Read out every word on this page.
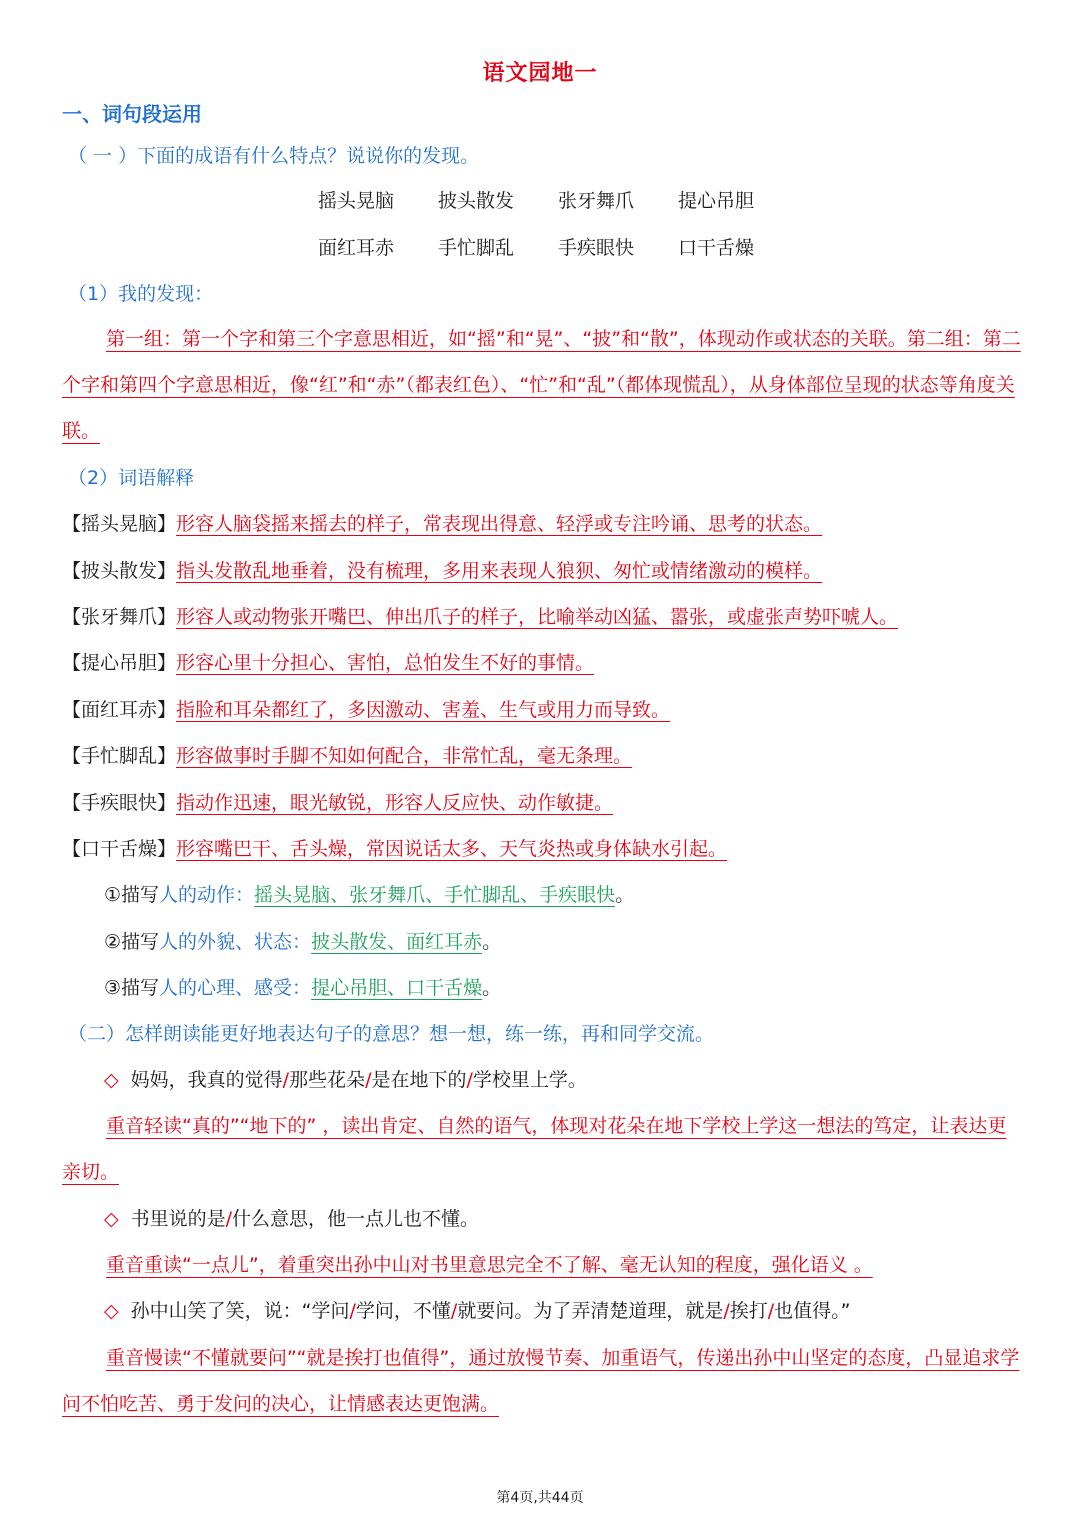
语文园地一
一、词句段运用
（ 一 ）下面的成语有什么特点？说说你的发现。
摇头晃脑 披头散发 张牙舞爪 提心吊胆
面红耳赤 手忙脚乱 手疾眼快 口干舌燥
（1）我的发现：
第一组：第一个字和第三个字意思相近，如“摇”和“晃”、“披”和“散”，体现动作或状态的关联。第二组：第二个字和第四个字意思相近，像“红”和“赤”（都表红色）、“忙”和“乱”（都体现慌乱），从身体部位呈现的状态等角度关联。
（2）词语解释
【摇头晃脑】形容人脑袋摇来摇去的样子，常表现出得意、轻浮或专注吟诵、思考的状态。
【披头散发】指头发散乱地垂着，没有梳理，多用来表现人狼狈、匆忙或情绪激动的模样。
【张牙舞爪】形容人或动物张开嘴巴、伸出爪子的样子，比喻举动凶猛、嚣张，或虚张声势吓唬人。
【提心吊胆】形容心里十分担心、害怕，总怕发生不好的事情。
【面红耳赤】指脸和耳朵都红了，多因激动、害羞、生气或用力而导致。
【手忙脚乱】形容做事时手脚不知如何配合，非常忙乱，毫无条理。
【手疾眼快】指动作迅速，眼光敏锐，形容人反应快、动作敏捷。
【口干舌燥】形容嘴巴干、舌头燥，常因说话太多、天气炎热或身体缺水引起。
①描写人的动作：摇头晃脑、张牙舞爪、手忙脚乱、手疾眼快。
②描写人的外貌、状态：披头散发、面红耳赤。
③描写人的心理、感受：提心吊胆、口干舌燥。
（二）怎样朗读能更好地表达句子的意思？想一想，练一练，再和同学交流。
◇ 妈妈，我真的觉得/那些花朵/是在地下的/学校里上学。
重音轻读“真的”“地下的” ，读出肯定、自然的语气，体现对花朵在地下学校上学这一想法的笃定，让表达更亲切。
◇ 书里说的是/什么意思，他一点儿也不懂。
重音重读“一点儿”，着重突出孙中山对书里意思完全不了解、毫无认知的程度，强化语义 。
◇ 孙中山笑了笑，说：“学问/学问，不懂/就要问。为了弄清楚道理，就是/挨打/也值得。”
重音慢读“不懂就要问”“就是挨打也值得”，通过放慢节奏、加重语气，传递出孙中山坚定的态度，凸显追求学问不怕吃苦、勇于发问的决心，让情感表达更饱满。
第4页,共44页
